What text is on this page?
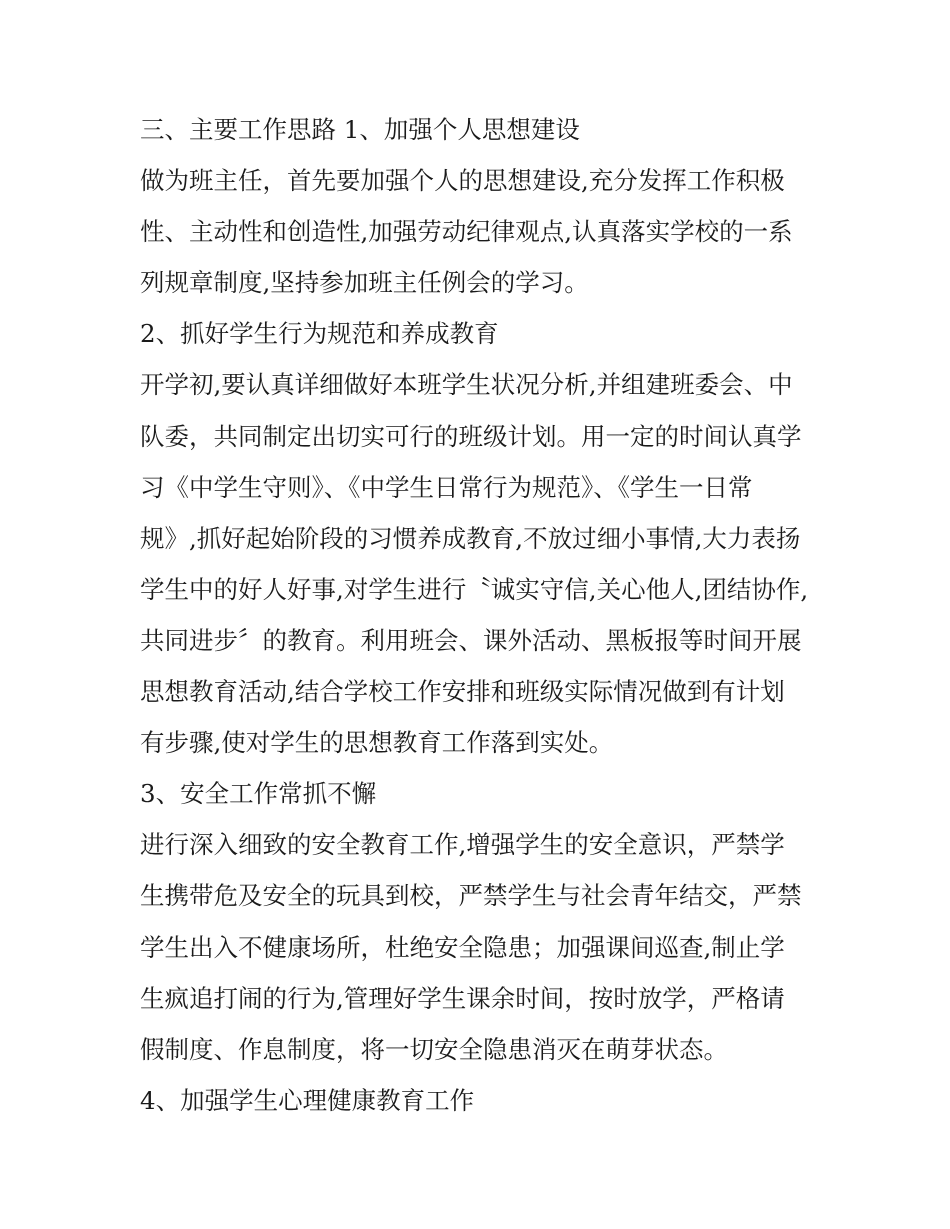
三、主要工作思路 1、加强个人思想建设
做为班主任，首先要加强个人的思想建设,充分发挥工作积极
性、主动性和创造性,加强劳动纪律观点,认真落实学校的一系
列规章制度,坚持参加班主任例会的学习。
2、抓好学生行为规范和养成教育
开学初,要认真详细做好本班学生状况分析,并组建班委会、中
队委，共同制定出切实可行的班级计划。用一定的时间认真学
习《中学生守则》、《中学生日常行为规范》、《学生一日常
规》,抓好起始阶段的习惯养成教育,不放过细小事情,大力表扬
学生中的好人好事,对学生进行〝诚实守信,关心他人,团结协作,
共同进步〞的教育。利用班会、课外活动、黑板报等时间开展
思想教育活动,结合学校工作安排和班级实际情况做到有计划
有步骤,使对学生的思想教育工作落到实处。
3、安全工作常抓不懈
进行深入细致的安全教育工作,增强学生的安全意识，严禁学
生携带危及安全的玩具到校，严禁学生与社会青年结交，严禁
学生出入不健康场所，杜绝安全隐患；加强课间巡查,制止学
生疯追打闹的行为,管理好学生课余时间，按时放学，严格请
假制度、作息制度，将一切安全隐患消灭在萌芽状态。
4、加强学生心理健康教育工作
